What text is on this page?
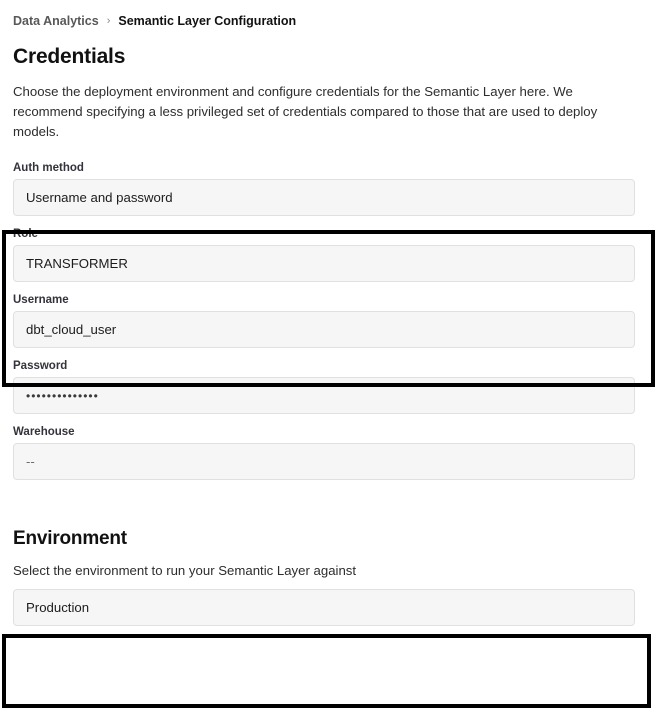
Data Analytics › Semantic Layer Configuration
Credentials

Choose the deployment environment and configure credentials for the Semantic Layer here. We recommend specifying a less privileged set of credentials compared to those that are used to deploy models.

Auth method
Username and password
Role
TRANSFORMER
Username
dbt_cloud_user
Password
••••••••••••••
Warehouse
--
Environment

Select the environment to run your Semantic Layer against

Production
